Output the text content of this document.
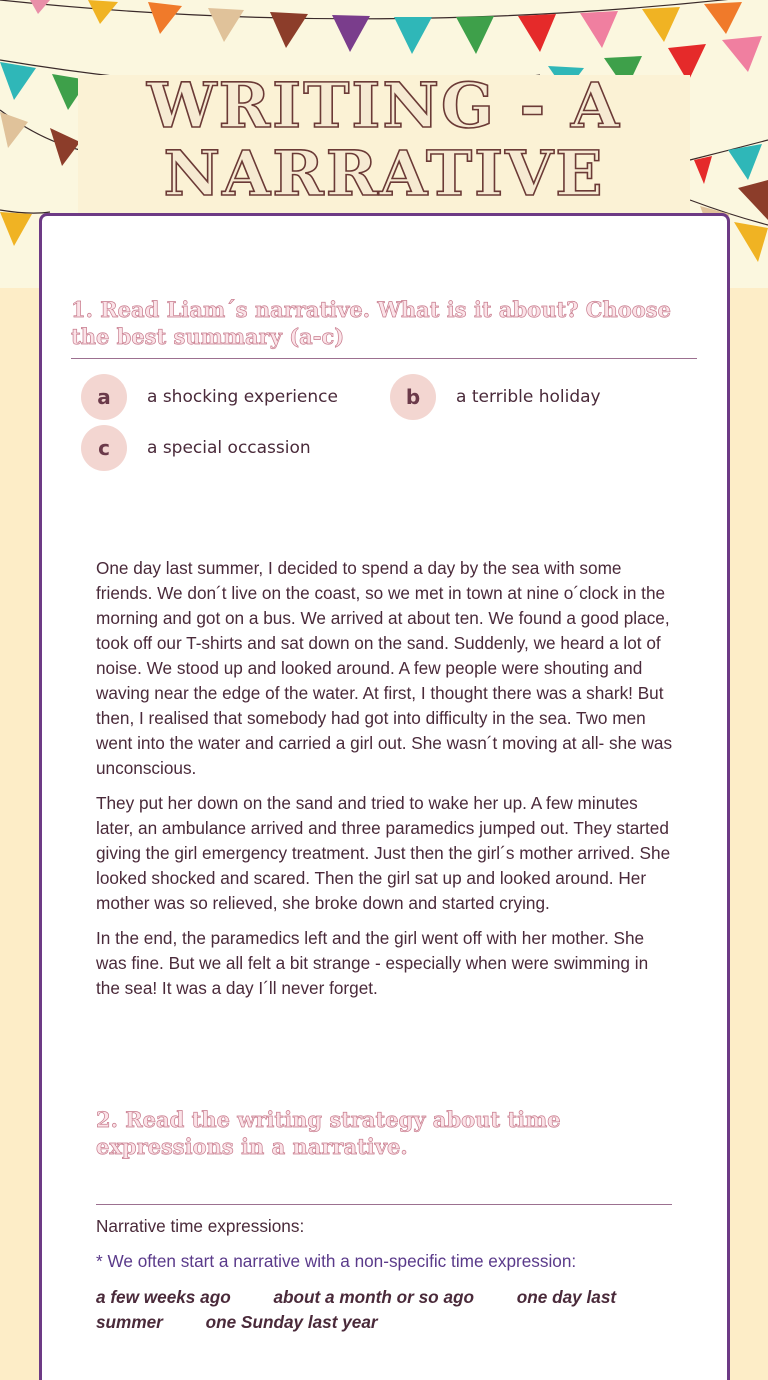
WRITING - A NARRATIVE
1. Read Liam´s narrative. What is it about? Choose the best summary (a-c)
a	a shocking experience	b	a terrible holiday
c	a special occassion

One day last summer, I decided to spend a day by the sea with some friends. We don´t live on the coast, so we met in town at nine o´clock in the morning and got on a bus. We arrived at about ten. We found a good place, took off our T-shirts and sat down on the sand. Suddenly, we heard a lot of noise. We stood up and looked around. A few people were shouting and waving near the edge of the water. At first, I thought there was a shark! But then, I realised that somebody had got into difficulty in the sea. Two men went into the water and carried a girl out. She wasn´t moving at all- she was unconscious.

They put her down on the sand and tried to wake her up. A few minutes later, an ambulance arrived and three paramedics jumped out. They started giving the girl emergency treatment. Just then the girl´s mother arrived. She looked shocked and scared. Then the girl sat up and looked around. Her mother was so relieved, she broke down and started crying.

In the end, the paramedics left and the girl went off with her mother. She was fine. But we all felt a bit strange - especially when were swimming in the sea! It was a day I´ll never forget.

2. Read the writing strategy about time expressions in a narrative.
Narrative time expressions:
* We often start a narrative with a non-specific time expression:
a few weeks ago about a month or so ago one day last summer one Sunday last year
